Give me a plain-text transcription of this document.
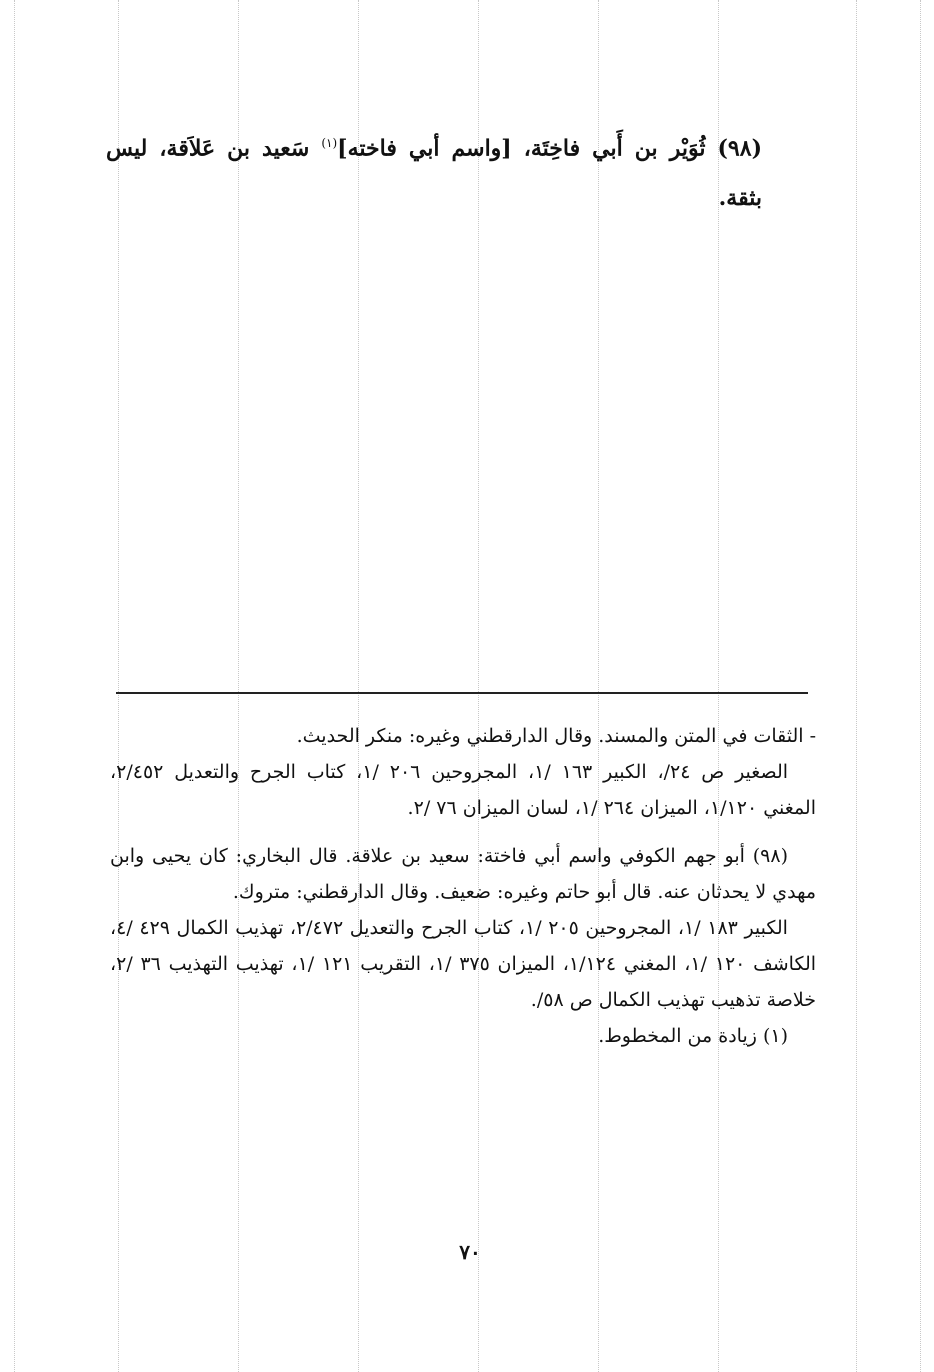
(٩٨) ثُوَيْر بن أَبي فاخِتَة، [واسم أبي فاخته]$^{(١)}$ سَعيد بن عَلاَقة، ليس بثقة.

- الثقات في المتن والمسند. وقال الدارقطني وغيره: منكر الحديث.

الصغير ص ٢٤/، الكبير ١٦٣ /١، المجروحين ٢٠٦ /١، كتاب الجرح والتعديل ٢/٤٥٢، المغني ١/١٢٠، الميزان ٢٦٤ /١، لسان الميزان ٧٦ /٢.

(٩٨) أبو جهم الكوفي واسم أبي فاختة: سعيد بن علاقة. قال البخاري: كان يحيى وابن مهدي لا يحدثان عنه. قال أبو حاتم وغيره: ضعيف. وقال الدارقطني: متروك.

الكبير ١٨٣ /١، المجروحين ٢٠٥ /١، كتاب الجرح والتعديل ٢/٤٧٢، تهذيب الكمال ٤٢٩ /٤، الكاشف ١٢٠ /١، المغني ١/١٢٤، الميزان ٣٧٥ /١، التقريب ١٢١ /١، تهذيب التهذيب ٣٦ /٢، خلاصة تذهيب تهذيب الكمال ص ٥٨/.

(١) زيادة من المخطوط.

٧٠
